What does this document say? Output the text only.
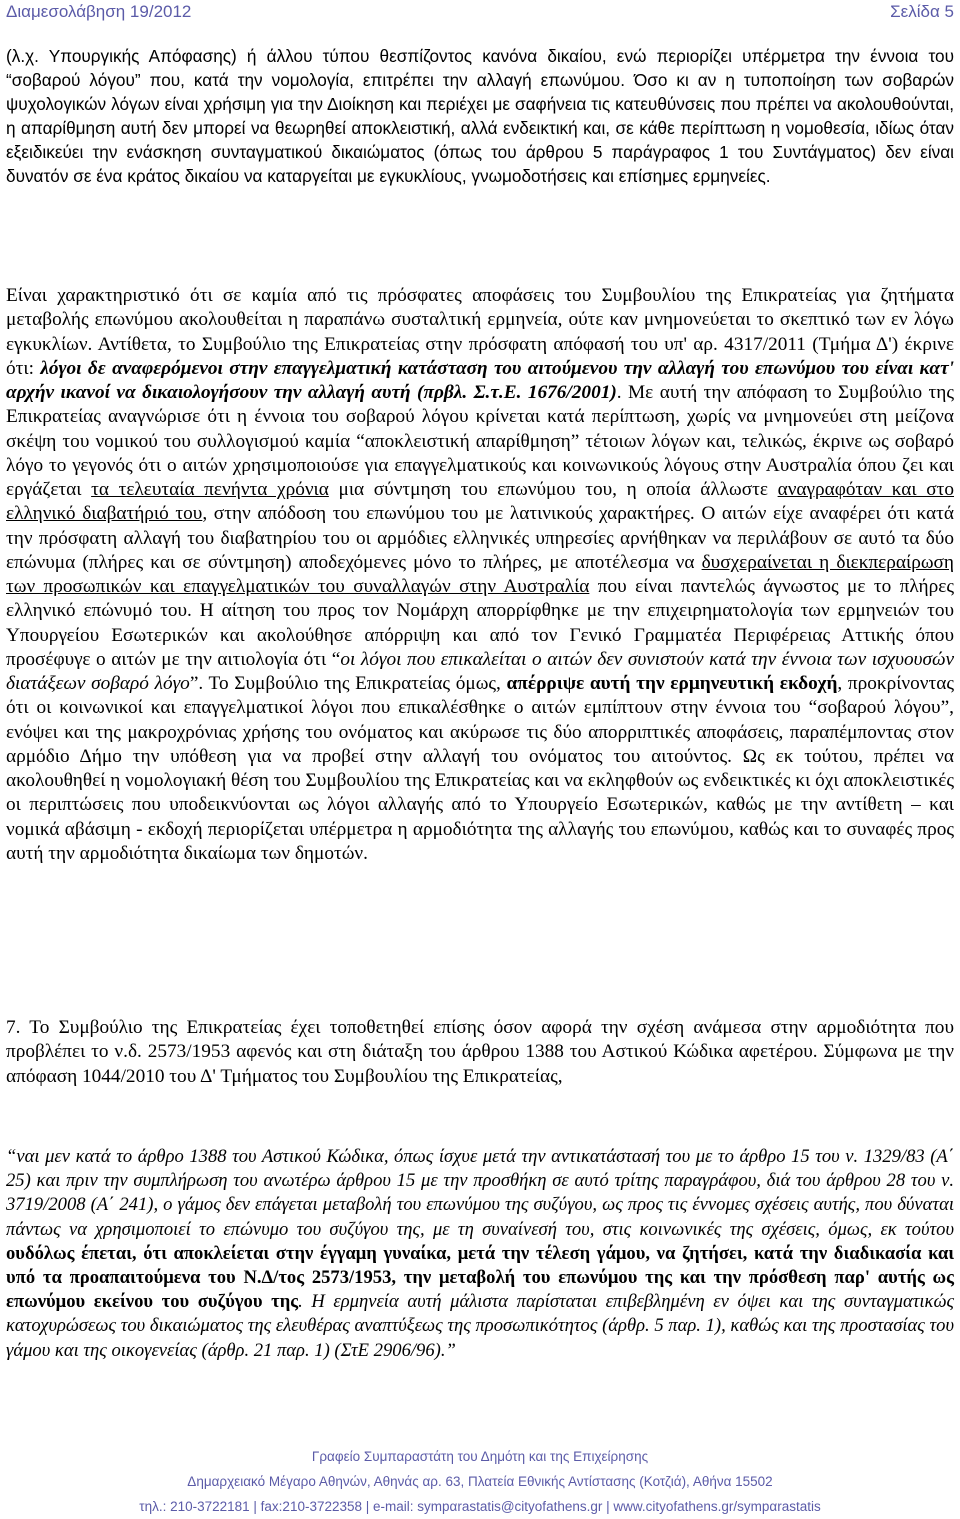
Διαμεσολάβηση 19/2012	Σελίδα 5

(λ.χ. Υπουργικής Απόφασης) ή άλλου τύπου θεσπίζοντος κανόνα δικαίου, ενώ περιορίζει υπέρμετρα την έννοια του “σοβαρού λόγου” που, κατά την νομολογία, επιτρέπει την αλλαγή επωνύμου. Όσο κι αν η τυποποίηση των σοβαρών ψυχολογικών λόγων είναι χρήσιμη για την Διοίκηση και περιέχει με σαφήνεια τις κατευθύνσεις που πρέπει να ακολουθούνται, η απαρίθμηση αυτή δεν μπορεί να θεωρηθεί αποκλειστική, αλλά ενδεικτική και, σε κάθε περίπτωση η νομοθεσία, ιδίως όταν εξειδικεύει την ενάσκηση συνταγματικού δικαιώματος (όπως του άρθρου 5 παράγραφος 1 του Συντάγματος) δεν είναι δυνατόν σε ένα κράτος δικαίου να καταργείται με εγκυκλίους, γνωμοδοτήσεις και επίσημες ερμηνείες.

Είναι χαρακτηριστικό ότι σε καμία από τις πρόσφατες αποφάσεις του Συμβουλίου της Επικρατείας για ζητήματα μεταβολής επωνύμου ακολουθείται η παραπάνω συσταλτική ερμηνεία, ούτε καν μνημονεύεται το σκεπτικό των εν λόγω εγκυκλίων. Αντίθετα, το Συμβούλιο της Επικρατείας στην πρόσφατη απόφασή του υπ' αρ. 4317/2011 (Τμήμα Δ') έκρινε ότι: λόγοι δε αναφερόμενοι στην επαγγελματική κατάσταση του αιτούμενου την αλλαγή του επωνύμου του είναι κατ' αρχήν ικανοί να δικαιολογήσουν την αλλαγή αυτή (πρβλ. Σ.τ.Ε. 1676/2001). Με αυτή την απόφαση το Συμβούλιο της Επικρατείας αναγνώρισε ότι η έννοια του σοβαρού λόγου κρίνεται κατά περίπτωση, χωρίς να μνημονεύει στη μείζονα σκέψη του νομικού του συλλογισμού καμία “αποκλειστική απαρίθμηση” τέτοιων λόγων και, τελικώς, έκρινε ως σοβαρό λόγο το γεγονός ότι ο αιτών χρησιμοποιούσε για επαγγελματικούς και κοινωνικούς λόγους στην Αυστραλία όπου ζει και εργάζεται τα τελευταία πενήντα χρόνια μια σύντμηση του επωνύμου του, η οποία άλλωστε αναγραφόταν και στο ελληνικό διαβατήριό του, στην απόδοση του επωνύμου του με λατινικούς χαρακτήρες. Ο αιτών είχε αναφέρει ότι κατά την πρόσφατη αλλαγή του διαβατηρίου του οι αρμόδιες ελληνικές υπηρεσίες αρνήθηκαν να περιλάβουν σε αυτό τα δύο επώνυμα (πλήρες και σε σύντμηση) αποδεχόμενες μόνο το πλήρες, με αποτέλεσμα να δυσχεραίνεται η διεκπεραίρωση των προσωπικών και επαγγελματικών του συναλλαγών στην Αυστραλία που είναι παντελώς άγνωστος με το πλήρες ελληνικό επώνυμό του. Η αίτηση του προς τον Νομάρχη απορρίφθηκε με την επιχειρηματολογία των ερμηνειών του Υπουργείου Εσωτερικών και ακολούθησε απόρριψη και από τον Γενικό Γραμματέα Περιφέρειας Αττικής όπου προσέφυγε ο αιτών με την αιτιολογία ότι “οι λόγοι που επικαλείται ο αιτών δεν συνιστούν κατά την έννοια των ισχυουσών διατάξεων σοβαρό λόγο”. Το Συμβούλιο της Επικρατείας όμως, απέρριψε αυτή την ερμηνευτική εκδοχή, προκρίνοντας ότι οι κοινωνικοί και επαγγελματικοί λόγοι που επικαλέσθηκε ο αιτών εμπίπτουν στην έννοια του “σοβαρού λόγου”, ενόψει και της μακροχρόνιας χρήσης του ονόματος και ακύρωσε τις δύο απορριπτικές αποφάσεις, παραπέμποντας στον αρμόδιο Δήμο την υπόθεση για να προβεί στην αλλαγή του ονόματος του αιτούντος. Ως εκ τούτου, πρέπει να ακολουθηθεί η νομολογιακή θέση του Συμβουλίου της Επικρατείας και να εκληφθούν ως ενδεικτικές κι όχι αποκλειστικές οι περιπτώσεις που υποδεικνύονται ως λόγοι αλλαγής από το Υπουργείο Εσωτερικών, καθώς με την αντίθετη – και νομικά αβάσιμη - εκδοχή περιορίζεται υπέρμετρα η αρμοδιότητα της αλλαγής του επωνύμου, καθώς και το συναφές προς αυτή την αρμοδιότητα δικαίωμα των δημοτών.

7. Το Συμβούλιο της Επικρατείας έχει τοποθετηθεί επίσης όσον αφορά την σχέση ανάμεσα στην αρμοδιότητα που προβλέπει το ν.δ. 2573/1953 αφενός και στη διάταξη του άρθρου 1388 του Αστικού Κώδικα αφετέρου. Σύμφωνα με την απόφαση 1044/2010 του Δ' Τμήματος του Συμβουλίου της Επικρατείας,

“ναι μεν κατά το άρθρο 1388 του Αστικού Κώδικα, όπως ίσχυε μετά την αντικατάστασή του με το άρθρο 15 του ν. 1329/83 (Α΄ 25) και πριν την συμπλήρωση του ανωτέρω άρθρου 15 με την προσθήκη σε αυτό τρίτης παραγράφου, διά του άρθρου 28 του ν. 3719/2008 (Α΄ 241), ο γάμος δεν επάγεται μεταβολή του επωνύμου της συζύγου, ως προς τις έννομες σχέσεις αυτής, που δύναται πάντως να χρησιμοποιεί το επώνυμο του συζύγου της, με τη συναίνεσή του, στις κοινωνικές της σχέσεις, όμως, εκ τούτου ουδόλως έπεται, ότι αποκλείεται στην έγγαμη γυναίκα, μετά την τέλεση γάμου, να ζητήσει, κατά την διαδικασία και υπό τα προαπαιτούμενα του Ν.Δ/τος 2573/1953, την μεταβολή του επωνύμου της και την πρόσθεση παρ' αυτής ως επωνύμου εκείνου του συζύγου της. Η ερμηνεία αυτή μάλιστα παρίσταται επιβεβλημένη εν όψει και της συνταγματικώς κατοχυρώσεως του δικαιώματος της ελευθέρας αναπτύξεως της προσωπικότητος (άρθρ. 5 παρ. 1), καθώς και της προστασίας του γάμου και της οικογενείας (άρθρ. 21 παρ. 1) (ΣτΕ 2906/96).”

Γραφείο Συμπαραστάτη του Δημότη και της Επιχείρησης
Δημαρχειακό Μέγαρο Αθηνών, Αθηνάς αρ. 63, Πλατεία Εθνικής Αντίστασης (Κοτζιά), Αθήνα 15502
τηλ.: 210-3722181 | fax:210-3722358 | e-mail: sympαrastatis@cityofathens.gr | www.cityofathens.gr/sympαrastatis
